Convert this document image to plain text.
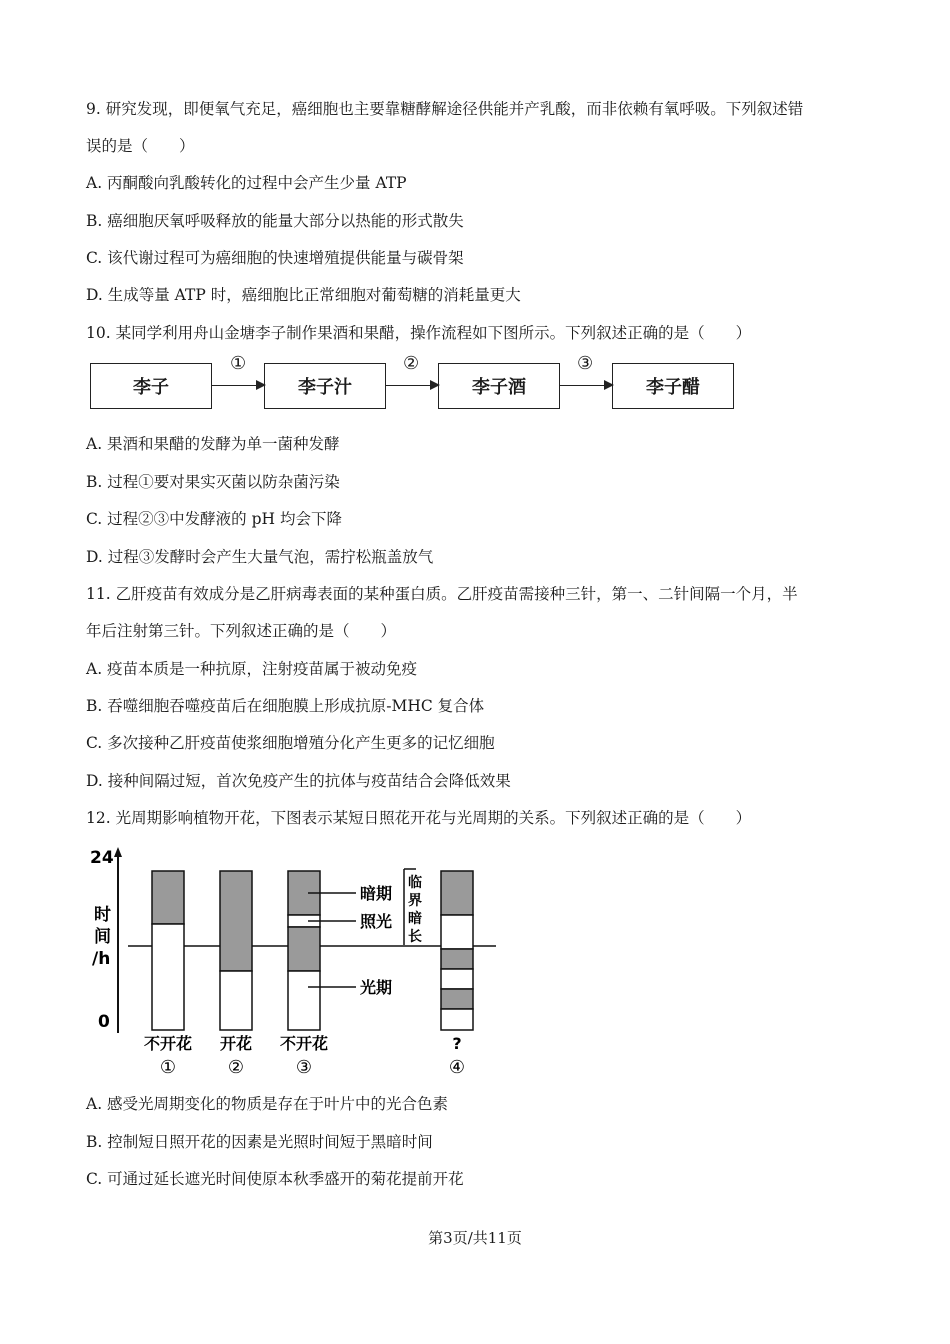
9. 研究发现，即便氧气充足，癌细胞也主要靠糖酵解途径供能并产乳酸，而非依赖有氧呼吸。下列叙述错
误的是（　　）
A. 丙酮酸向乳酸转化的过程中会产生少量 ATP
B. 癌细胞厌氧呼吸释放的能量大部分以热能的形式散失
C. 该代谢过程可为癌细胞的快速增殖提供能量与碳骨架
D. 生成等量 ATP 时，癌细胞比正常细胞对葡萄糖的消耗量更大
10. 某同学利用舟山金塘李子制作果酒和果醋，操作流程如下图所示。下列叙述正确的是（　　）
李子
①
李子汁
②
李子酒
③
李子醋
A. 果酒和果醋的发酵为单一菌种发酵
B. 过程①要对果实灭菌以防杂菌污染
C. 过程②③中发酵液的 pH 均会下降
D. 过程③发酵时会产生大量气泡，需拧松瓶盖放气
11. 乙肝疫苗有效成分是乙肝病毒表面的某种蛋白质。乙肝疫苗需接种三针，第一、二针间隔一个月，半
年后注射第三针。下列叙述正确的是（　　）
A. 疫苗本质是一种抗原，注射疫苗属于被动免疫
B. 吞噬细胞吞噬疫苗后在细胞膜上形成抗原-MHC 复合体
C. 多次接种乙肝疫苗使浆细胞增殖分化产生更多的记忆细胞
D. 接种间隔过短，首次免疫产生的抗体与疫苗结合会降低效果
12. 光周期影响植物开花，下图表示某短日照花开花与光周期的关系。下列叙述正确的是（　　）
24
0
时
间
/h
暗期
照光
光期
临
界
暗
长
不开花
①
开花
②
不开花
③
?
④
A. 感受光周期变化的物质是存在于叶片中的光合色素
B. 控制短日照开花的因素是光照时间短于黑暗时间
C. 可通过延长遮光时间使原本秋季盛开的菊花提前开花
第3页/共11页
